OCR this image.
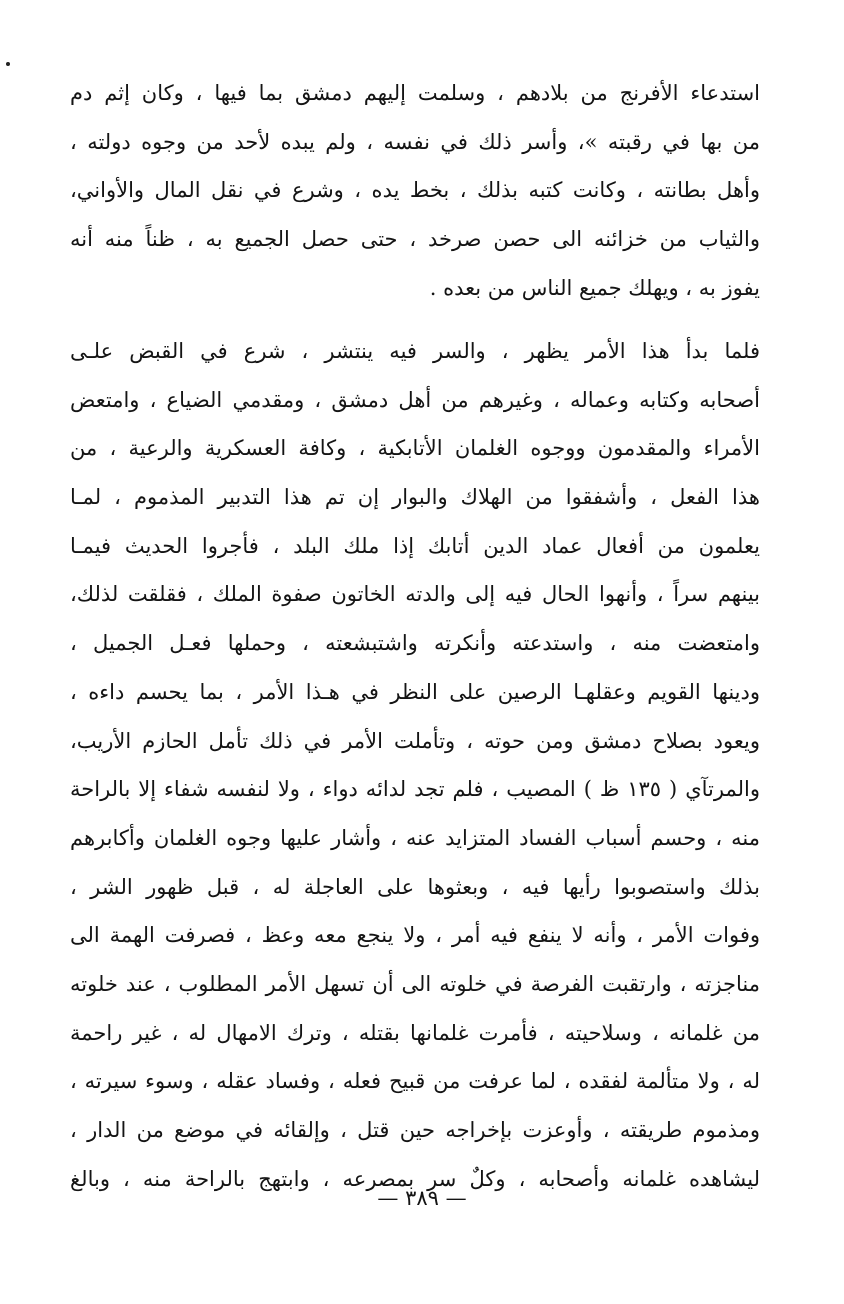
استدعاء الأفرنج من بلادهم ، وسلمت إليهم دمشق بما فيها ، وكان إثم دم
من بها في رقبته »، وأسر ذلك في نفسه ، ولم يبده لأحد من وجوه دولته ،
وأهل بطانته ، وكانت كتبه بذلك ، بخط يده ، وشرع في نقل المال والأواني،
والثياب من خزائنه الى حصن صرخد ، حتى حصل الجميع به ، ظناً منه أنه
يفوز به ، ويهلك جميع الناس من بعده .
فلما بدأ هذا الأمر يظهر ، والسر فيه ينتشر ، شرع في القبض علـى
أصحابه وكتابه وعماله ، وغيرهم من أهل دمشق ، ومقدمي الضياع ، وامتعض
الأمراء والمقدمون ووجوه الغلمان الأتابكية ، وكافة العسكرية والرعية ، من
هذا الفعل ، وأشفقوا من الهلاك والبوار إن تم هذا التدبير المذموم ، لمـا
يعلمون من أفعال عماد الدين أتابك إذا ملك البلد ، فأجروا الحديث فيمـا
بينهم سراً ، وأنهوا الحال فيه إلى والدته الخاتون صفوة الملك ، فقلقت لذلك،
وامتعضت منه ، واستدعته وأنكرته واشتبشعته ، وحملها فعـل الجميل ،
ودينها القويم وعقلهـا الرصين على النظر في هـذا الأمر ، بما يحسم داءه ،
ويعود بصلاح دمشق ومن حوته ، وتأملت الأمر في ذلك تأمل الحازم الأريب،
والمرتآي ( ١٣٥ ظ ) المصيب ، فلم تجد لدائه دواء ، ولا لنفسه شفاء إلا بالراحة
منه ، وحسم أسباب الفساد المتزايد عنه ، وأشار عليها وجوه الغلمان وأكابرهم
بذلك واستصوبوا رأيها فيه ، وبعثوها على العاجلة له ، قبل ظهور الشر ،
وفوات الأمر ، وأنه لا ينفع فيه أمر ، ولا ينجع معه وعظ ، فصرفت الهمة الى
مناجزته ، وارتقبت الفرصة في خلوته الى أن تسهل الأمر المطلوب ، عند خلوته
من غلمانه ، وسلاحيته ، فأمرت غلمانها بقتله ، وترك الامهال له ، غير راحمة
له ، ولا متألمة لفقده ، لما عرفت من قبيح فعله ، وفساد عقله ، وسوء سيرته ،
ومذموم طريقته ، وأوعزت بإخراجه حين قتل ، وإلقائه في موضع من الدار ،
ليشاهده غلمانه وأصحابه ، وكلٌ سر بمصرعه ، وابتهج بالراحة منه ، وبالغ
— ٣٨٩ —
